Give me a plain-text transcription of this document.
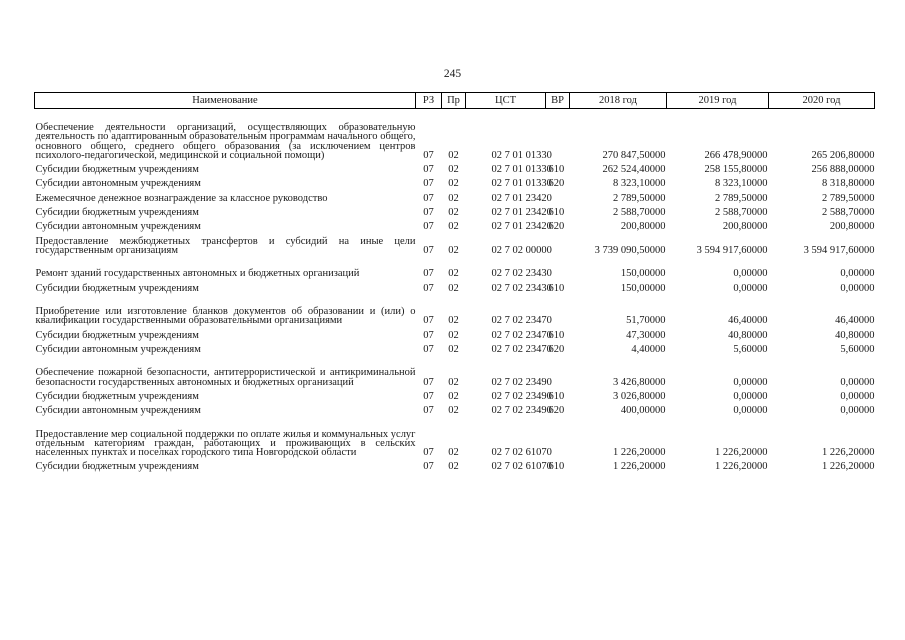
245
Наименование	РЗ	Пр	ЦСТ	ВР	2018 год	2019 год	2020 год
Обеспечение деятельности организаций, осуществляющих образовательную деятельность по адаптированным образовательным программам начального общего, основного общего, среднего общего образования (за исключением центров психолого-педагогической, медицинской и социальной помощи)	07	02	02 7 01 01330		270 847,50000	266 478,90000	265 206,80000
Субсидии бюджетным учреждениям	07	02	02 7 01 01330	610	262 524,40000	258 155,80000	256 888,00000
Субсидии автономным учреждениям	07	02	02 7 01 01330	620	8 323,10000	8 323,10000	8 318,80000
Ежемесячное денежное вознаграждение за классное руководство	07	02	02 7 01 23420		2 789,50000	2 789,50000	2 789,50000
Субсидии бюджетным учреждениям	07	02	02 7 01 23420	610	2 588,70000	2 588,70000	2 588,70000
Субсидии автономным учреждениям	07	02	02 7 01 23420	620	200,80000	200,80000	200,80000
Предоставление межбюджетных трансфертов и субсидий на иные цели государственным организациям	07	02	02 7 02 00000		3 739 090,50000	3 594 917,60000	3 594 917,60000
Ремонт зданий государственных автономных и бюджетных организаций	07	02	02 7 02 23430		150,00000	0,00000	0,00000
Субсидии бюджетным учреждениям	07	02	02 7 02 23430	610	150,00000	0,00000	0,00000
Приобретение или изготовление бланков документов об образовании и (или) о квалификации государственными образовательными организациями	07	02	02 7 02 23470		51,70000	46,40000	46,40000
Субсидии бюджетным учреждениям	07	02	02 7 02 23470	610	47,30000	40,80000	40,80000
Субсидии автономным учреждениям	07	02	02 7 02 23470	620	4,40000	5,60000	5,60000
Обеспечение пожарной безопасности, антитеррористической и антикриминальной безопасности государственных автономных и бюджетных организаций	07	02	02 7 02 23490		3 426,80000	0,00000	0,00000
Субсидии бюджетным учреждениям	07	02	02 7 02 23490	610	3 026,80000	0,00000	0,00000
Субсидии автономным учреждениям	07	02	02 7 02 23490	620	400,00000	0,00000	0,00000
Предоставление мер социальной поддержки по оплате жилья и коммунальных услуг отдельным категориям граждан, работающих и проживающих в сельских населенных пунктах и поселках городского типа Новгородской области	07	02	02 7 02 61070		1 226,20000	1 226,20000	1 226,20000
Субсидии бюджетным учреждениям	07	02	02 7 02 61070	610	1 226,20000	1 226,20000	1 226,20000
